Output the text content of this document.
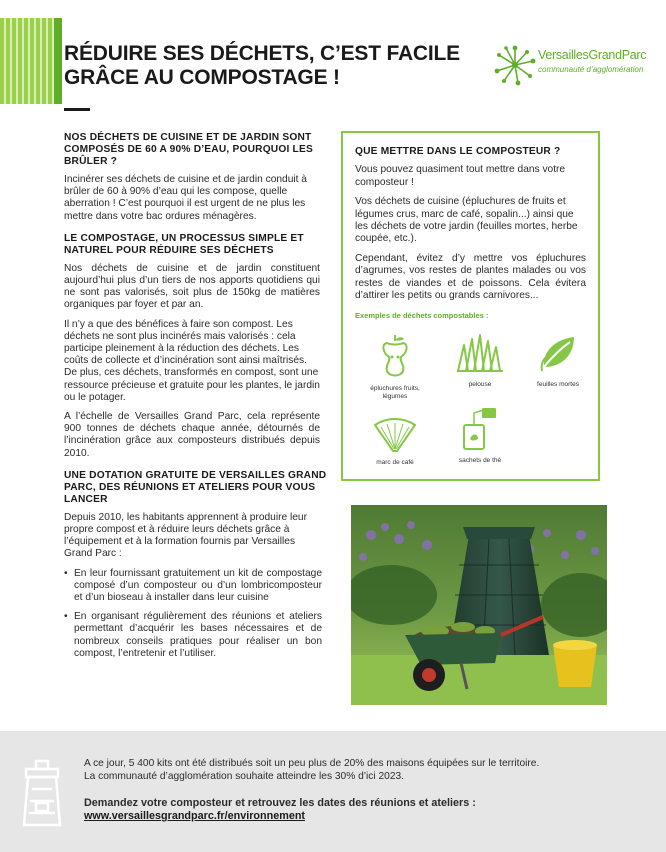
RÉDUIRE SES DÉCHETS, C’EST FACILE
GRÂCE AU COMPOSTAGE !
VersaillesGrandParc
communauté d’agglomération
NOS DÉCHETS DE CUISINE ET DE JARDIN SONT COMPOSÉS DE 60 A 90% D’EAU, POURQUOI LES BRÛLER ?

Incinérer ses déchets de cuisine et de jardin conduit à brûler de 60 à 90% d’eau qui les compose, quelle aberration ! C’est pourquoi il est urgent de ne plus les mettre dans votre bac ordures ménagères.

LE COMPOSTAGE, UN PROCESSUS SIMPLE ET NATUREL POUR RÉDUIRE SES DÉCHETS

Nos déchets de cuisine et de jardin constituent aujourd’hui plus d’un tiers de nos apports quotidiens qui ne sont pas valorisés, soit plus de 150kg de matières organiques par foyer et par an.

Il n’y a que des bénéfices à faire son compost. Les déchets ne sont plus incinérés mais valorisés : cela participe pleinement à la réduction des déchets. Les coûts de collecte et d’incinération sont ainsi maîtrisés. De plus, ces déchets, transformés en compost, sont une ressource précieuse et gratuite pour les plantes, le jardin ou le potager.

A l’échelle de Versailles Grand Parc, cela représente 900 tonnes de déchets chaque année, détournés de l’incinération grâce aux composteurs distribués depuis 2010.

UNE DOTATION GRATUITE DE VERSAILLES GRAND PARC, DES RÉUNIONS ET ATELIERS POUR VOUS LANCER

Depuis 2010, les habitants apprennent à produire leur propre compost et à réduire leurs déchets grâce à l’équipement et à la formation fournis par Versailles Grand Parc :

• En leur fournissant gratuitement un kit de compostage composé d’un composteur ou d’un lombricomposteur et d’un bioseau à installer dans leur cuisine
• En organisant régulièrement des réunions et ateliers permettant d’acquérir les bases nécessaires et de nombreux conseils pratiques pour réaliser un bon compost, l’entretenir et l’utiliser.
QUE METTRE DANS LE COMPOSTEUR ?

Vous pouvez quasiment tout mettre dans votre composteur !

Vos déchets de cuisine (épluchures de fruits et légumes crus, marc de café, sopalin...) ainsi que les déchets de votre jardin (feuilles mortes, herbe coupée, etc.).

Cependant, évitez d’y mettre vos épluchures d’agrumes, vos restes de plantes malades ou vos restes de viandes et de poissons. Cela évitera d’attirer les petits ou grands carnivores...

Exemples de déchets compostables :
épluchures fruits, légumes
pelouse	feuilles mortes
marc de café	sachets de thé

A ce jour, 5 400 kits ont été distribués soit un peu plus de 20% des maisons équipées sur le territoire.

La communauté d’agglomération souhaite atteindre les 30% d’ici 2023.

Demandez votre composteur et retrouvez les dates des réunions et ateliers :

www.versaillesgrandparc.fr/environnement
